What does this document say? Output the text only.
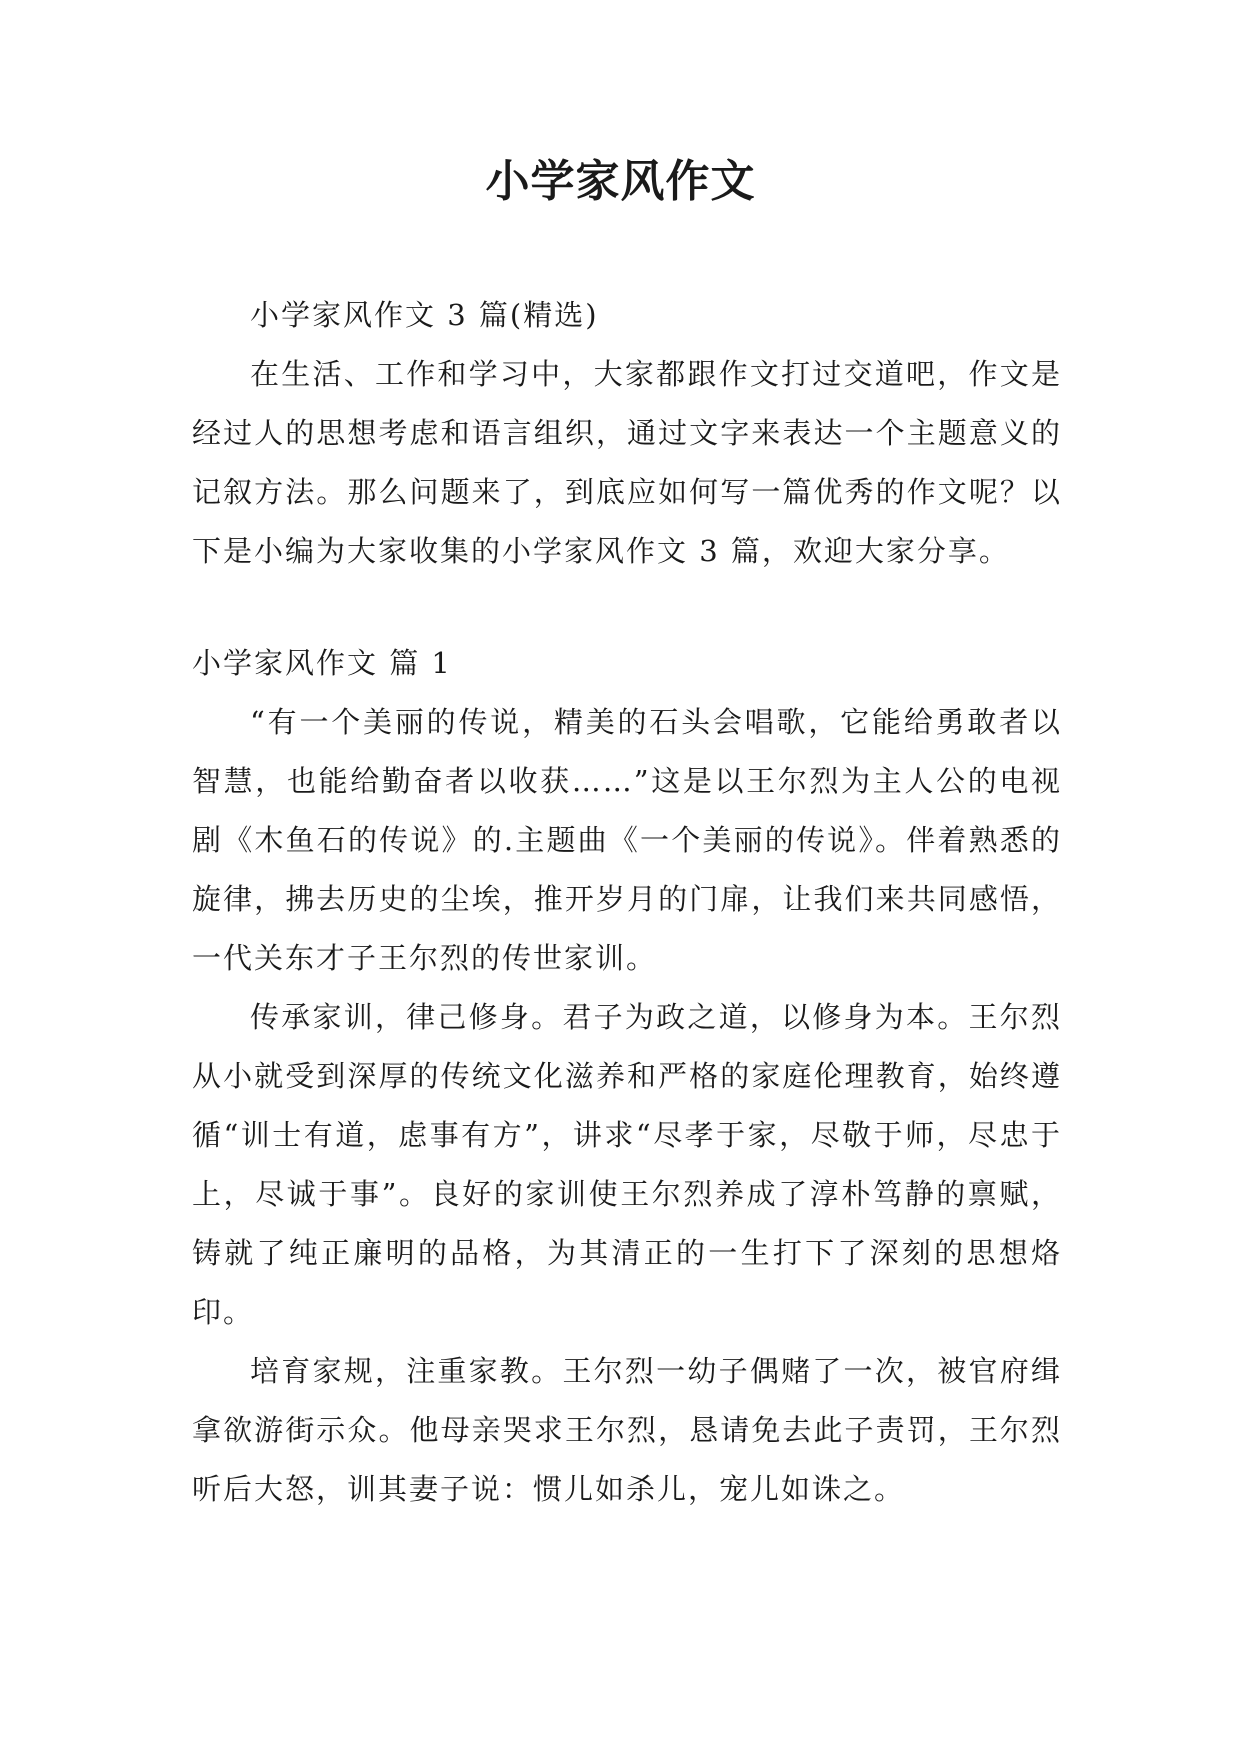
小学家风作文

小学家风作文 3 篇(精选)

在生活、工作和学习中，大家都跟作文打过交道吧，作文是经过人的思想考虑和语言组织，通过文字来表达一个主题意义的记叙方法。那么问题来了，到底应如何写一篇优秀的作文呢？以下是小编为大家收集的小学家风作文 3 篇，欢迎大家分享。

小学家风作文 篇 1

“有一个美丽的传说，精美的石头会唱歌，它能给勇敢者以智慧，也能给勤奋者以收获……”这是以王尔烈为主人公的电视剧《木鱼石的传说》的.主题曲《一个美丽的传说》。伴着熟悉的旋律，拂去历史的尘埃，推开岁月的门扉，让我们来共同感悟，一代关东才子王尔烈的传世家训。

传承家训，律己修身。君子为政之道，以修身为本。王尔烈从小就受到深厚的传统文化滋养和严格的家庭伦理教育，始终遵循“训士有道，虑事有方”，讲求“尽孝于家，尽敬于师，尽忠于上，尽诚于事”。良好的家训使王尔烈养成了淳朴笃静的禀赋，铸就了纯正廉明的品格，为其清正的一生打下了深刻的思想烙印。

培育家规，注重家教。王尔烈一幼子偶赌了一次，被官府缉拿欲游街示众。他母亲哭求王尔烈，恳请免去此子责罚，王尔烈听后大怒，训其妻子说：惯儿如杀儿，宠儿如诛之。
